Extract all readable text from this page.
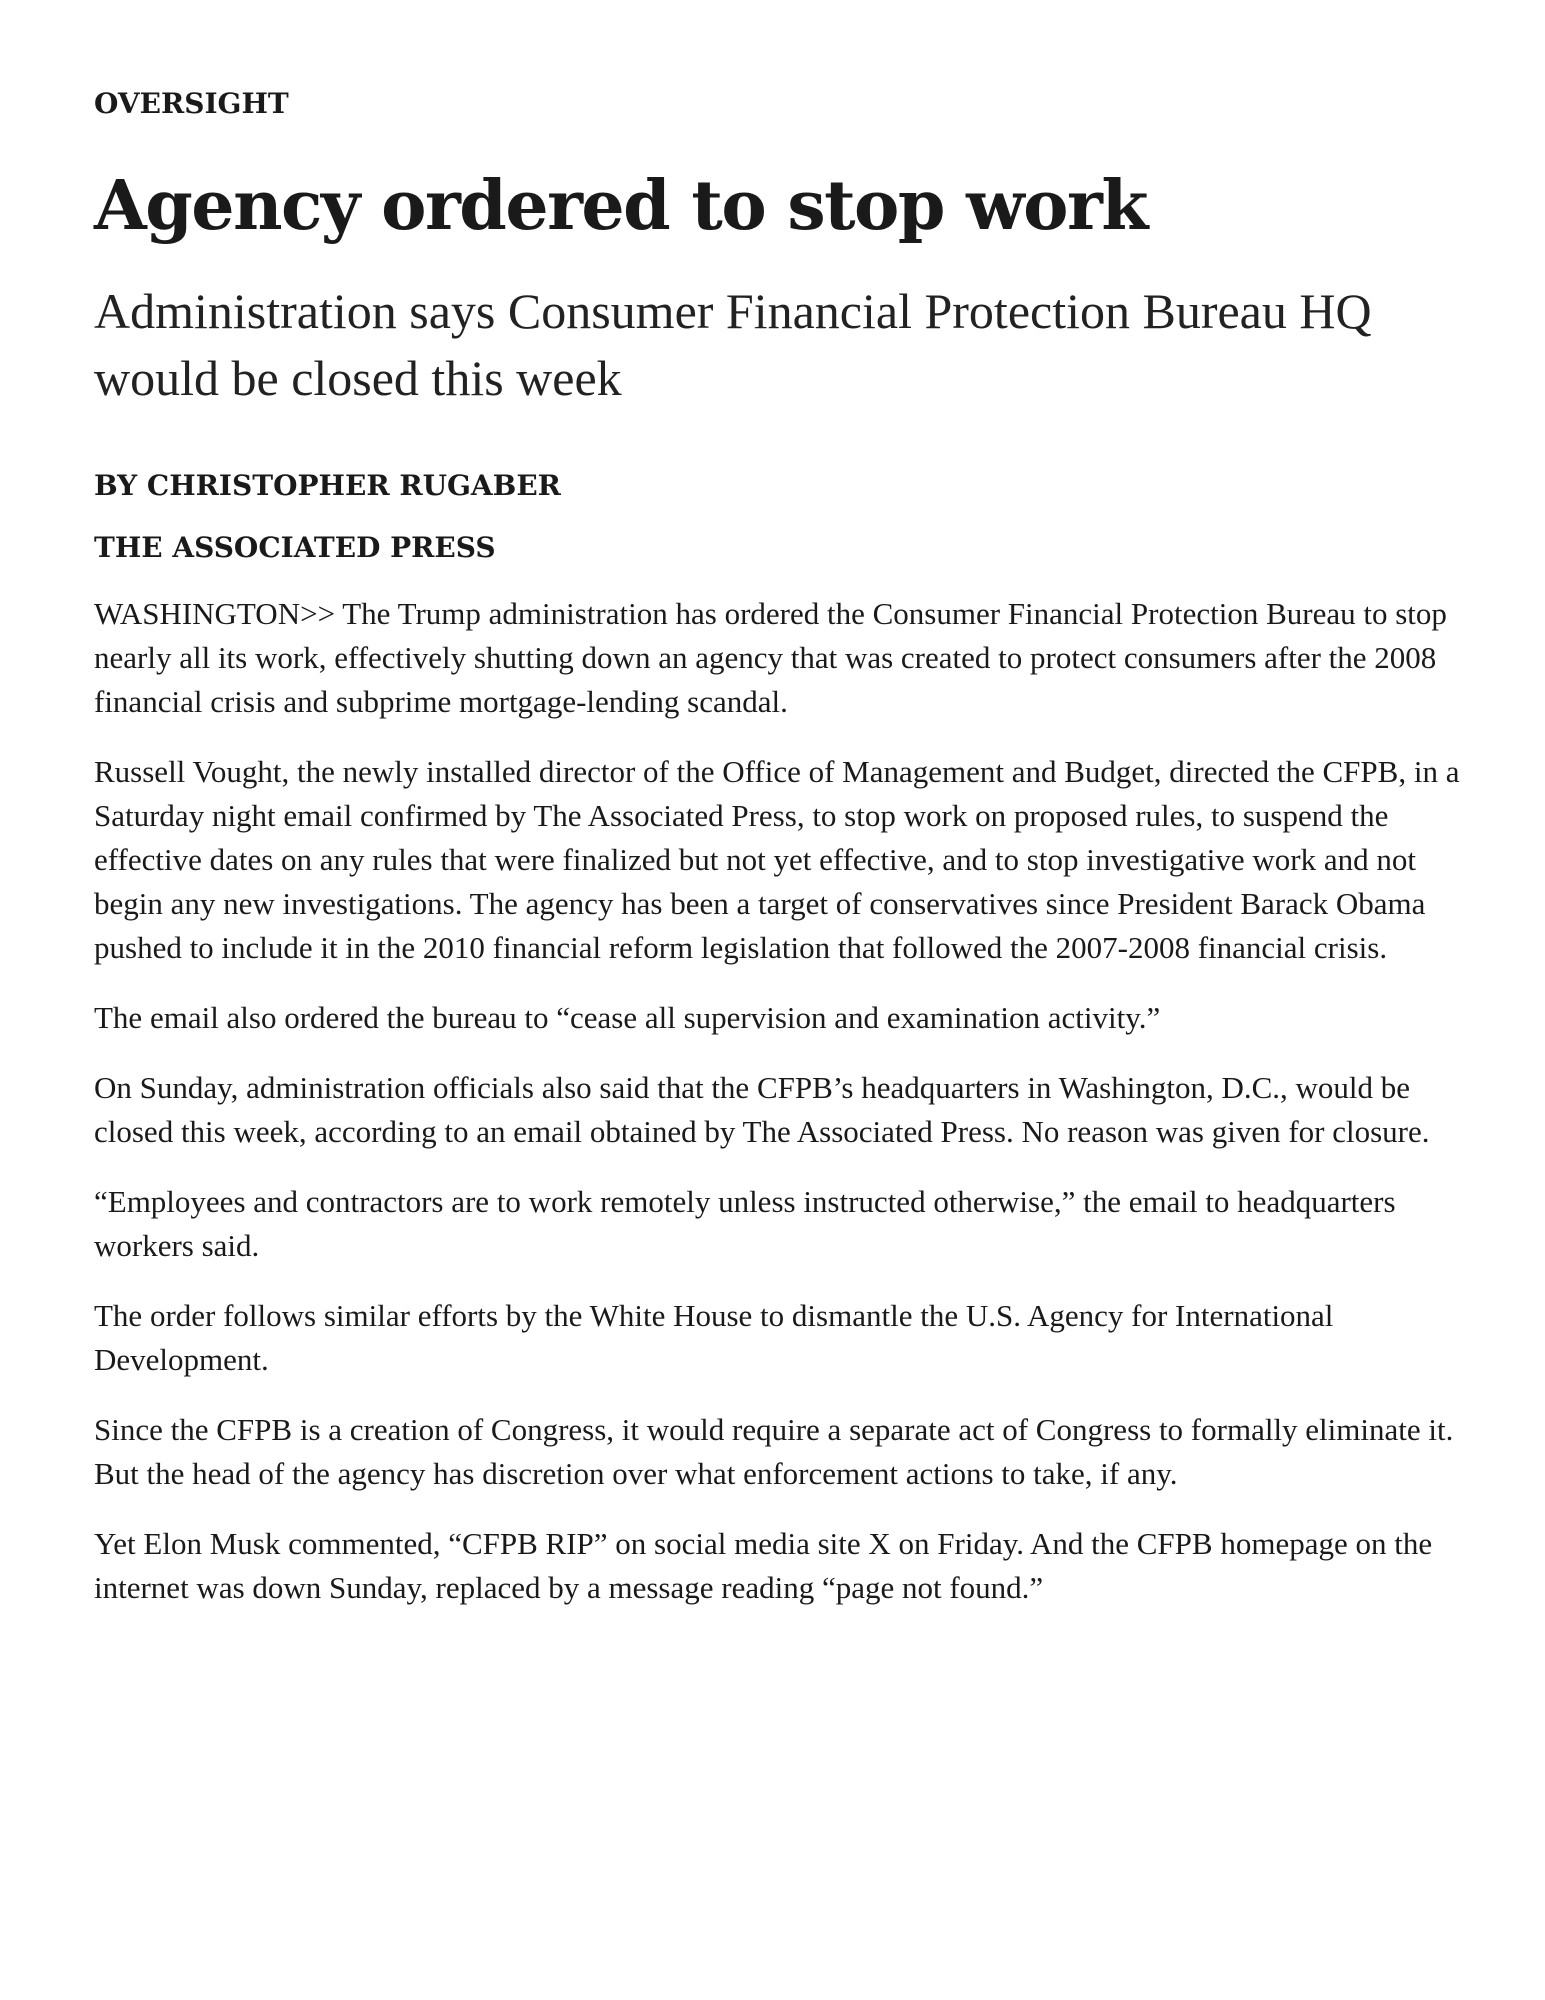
OVERSIGHT
Agency ordered to stop work
Administration says Consumer Financial Protection Bureau HQ would be closed this week
BY CHRISTOPHER RUGABER
THE ASSOCIATED PRESS

WASHINGTON>> The Trump administration has ordered the Consumer Financial Protection Bureau to stop nearly all its work, effectively shutting down an agency that was created to protect consumers after the 2008 financial crisis and subprime mortgage-lending scandal.

Russell Vought, the newly installed director of the Office of Management and Budget, directed the CFPB, in a Saturday night email confirmed by The Associated Press, to stop work on proposed rules, to suspend the effective dates on any rules that were finalized but not yet effective, and to stop investigative work and not begin any new investigations. The agency has been a target of conservatives since President Barack Obama pushed to include it in the 2010 financial reform legislation that followed the 2007-2008 financial crisis.

The email also ordered the bureau to “cease all supervision and examination activity.”

On Sunday, administration officials also said that the CFPB’s headquarters in Washington, D.C., would be closed this week, according to an email obtained by The Associated Press. No reason was given for closure.

“Employees and contractors are to work remotely unless instructed otherwise,” the email to headquarters workers said.

The order follows similar efforts by the White House to dismantle the U.S. Agency for International Development.

Since the CFPB is a creation of Congress, it would require a separate act of Congress to formally eliminate it. But the head of the agency has discretion over what enforcement actions to take, if any.

Yet Elon Musk commented, “CFPB RIP” on social media site X on Friday. And the CFPB homepage on the internet was down Sunday, replaced by a message reading “page not found.”
